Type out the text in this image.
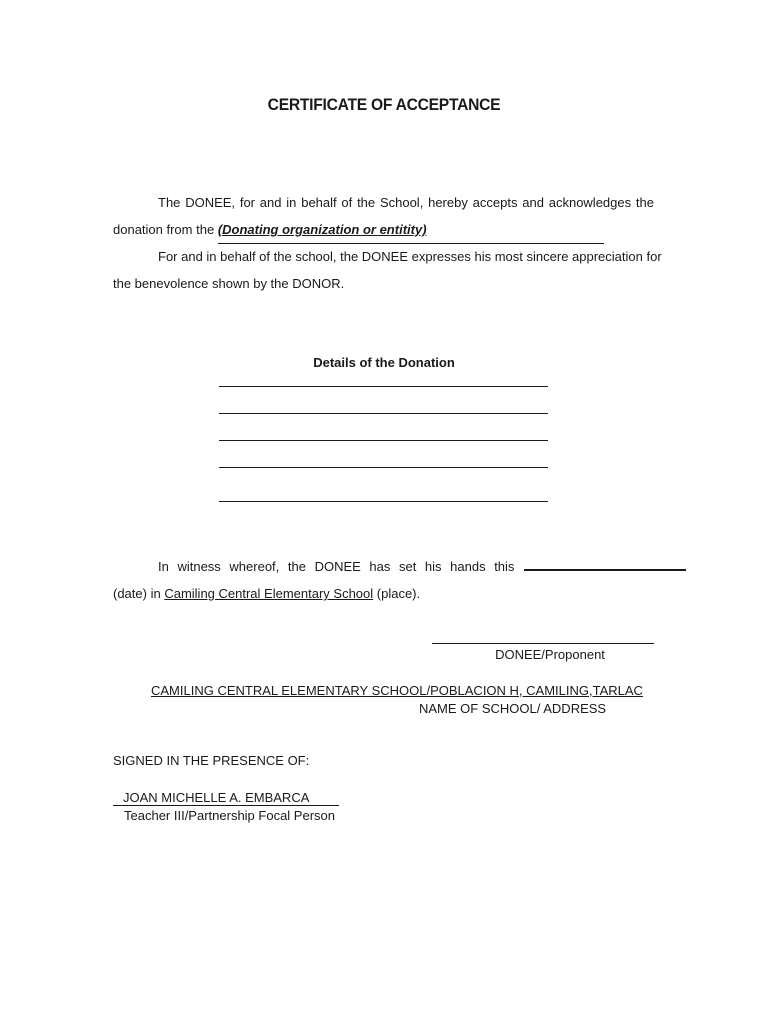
CERTIFICATE OF ACCEPTANCE
The DONEE, for and in behalf of the School, hereby accepts and acknowledges the
donation from the (Donating organization or entitity)
For and in behalf of the school, the DONEE expresses his most sincere appreciation for
the benevolence shown by the DONOR.
Details of the Donation
In witness whereof, the DONEE has set his hands this
(date) in Camiling Central Elementary School (place).
DONEE/Proponent
CAMILING CENTRAL ELEMENTARY SCHOOL/POBLACION H, CAMILING,TARLAC
NAME OF SCHOOL/ ADDRESS
SIGNED IN THE PRESENCE OF:
JOAN MICHELLE A. EMBARCA
Teacher III/Partnership Focal Person
